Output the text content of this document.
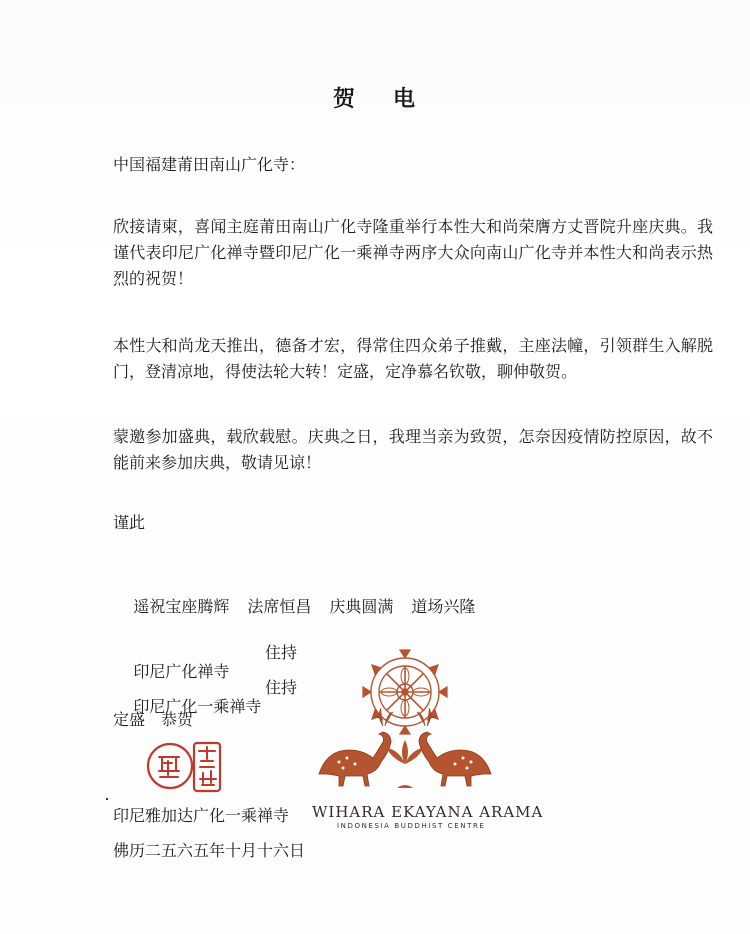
贺 电
中国福建莆田南山广化寺：
欣接请柬，喜闻主庭莆田南山广化寺隆重举行本性大和尚荣膺方丈晋院升座庆典。我谨代表印尼广化禅寺暨印尼广化一乘禅寺两序大众向南山广化寺并本性大和尚表示热烈的祝贺！
本性大和尚龙天推出，德备才宏，得常住四众弟子推戴，主座法幢，引领群生入解脱门，登清凉地，得使法轮大转！定盛，定净慕名钦敬，聊伸敬贺。
蒙邀参加盛典，载欣载慰。庆典之日，我理当亲为致贺，怎奈因疫情防控原因，故不能前来参加庆典，敬请见谅！
谨此

遥祝宝座腾辉 法席恒昌 庆典圆满 道场兴隆

印尼广化禅寺

住持

印尼广化一乘禅寺

住持
定盛　恭贺
印尼雅加达广化一乘禅寺
佛历二五六五年十月十六日
WIHARA EKAYANA ARAMA
INDONESIA BUDDHIST CENTRE
